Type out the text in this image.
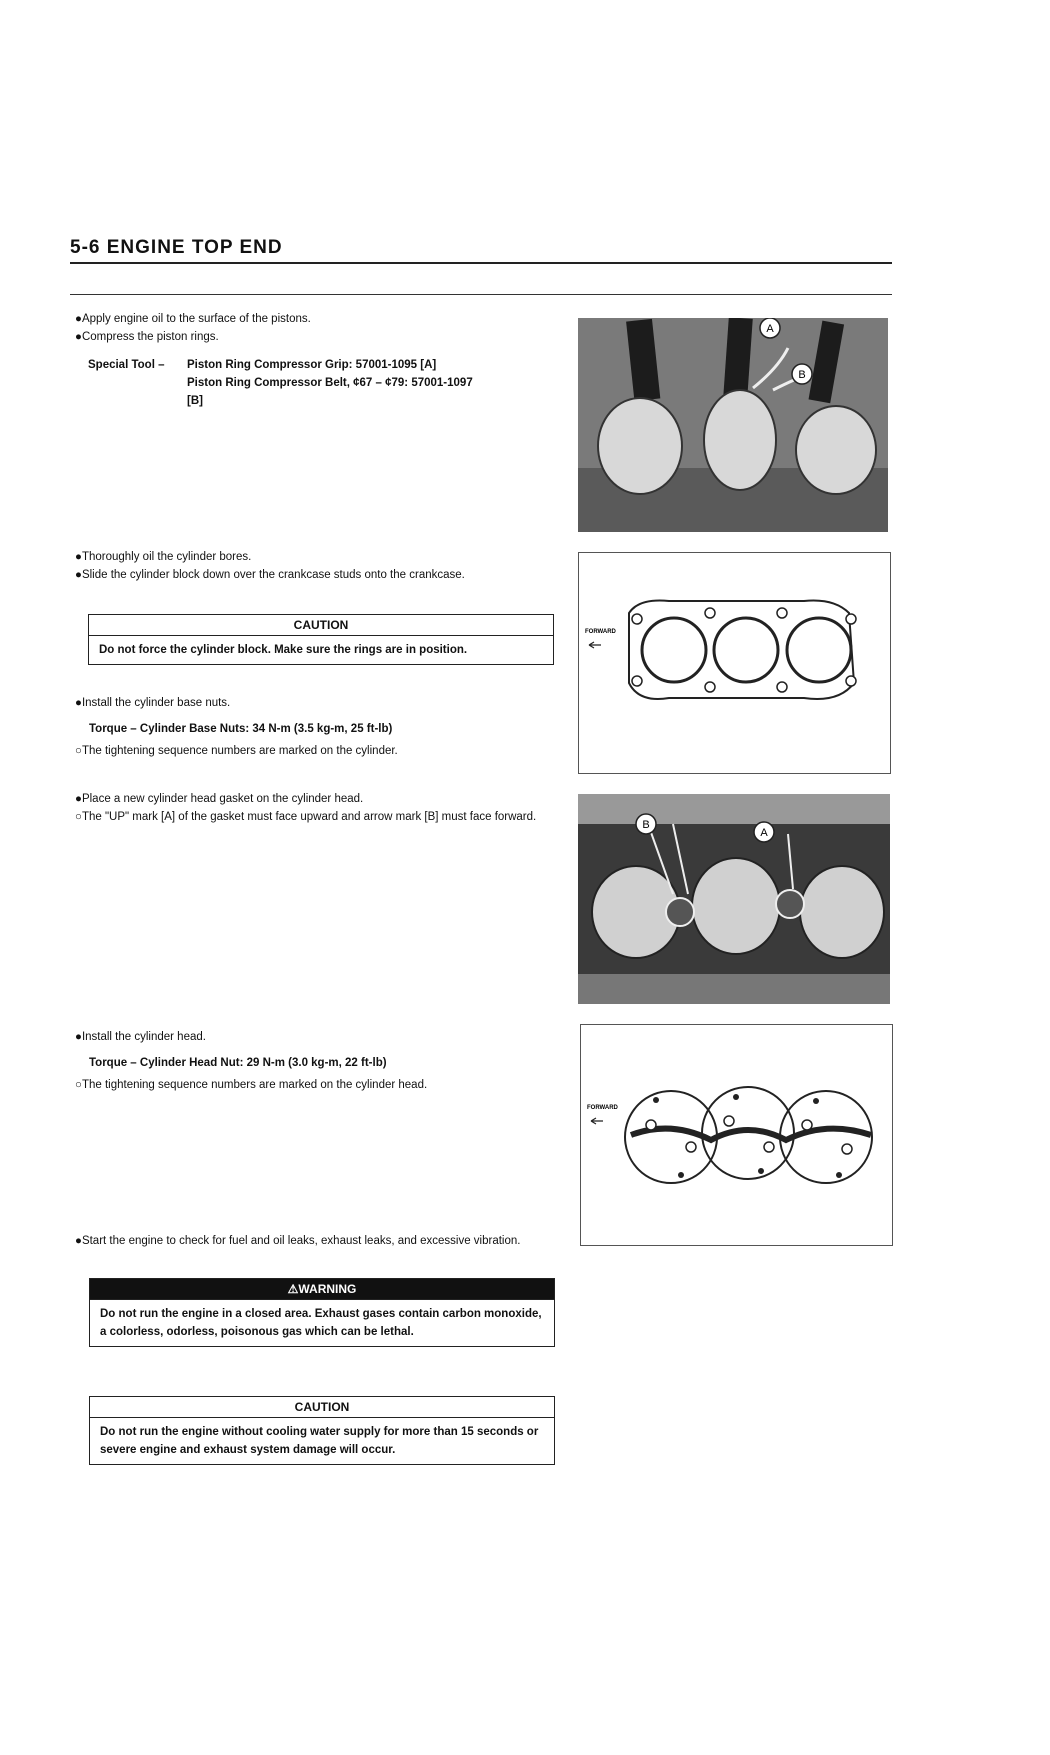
5-6 ENGINE TOP END
●Apply engine oil to the surface of the pistons.
●Compress the piston rings.
Special Tool –	Piston Ring Compressor Grip: 57001-1095 [A]
Piston Ring Compressor Belt, ¢67 – ¢79: 57001-1097
[B]
●Thoroughly oil the cylinder bores.
●Slide the cylinder block down over the crankcase studs onto the crankcase.
CAUTION
Do not force the cylinder block. Make sure the rings are in position.
●Install the cylinder base nuts.
Torque – Cylinder Base Nuts: 34 N-m (3.5 kg-m, 25 ft-lb)
○The tightening sequence numbers are marked on the cylinder.
●Place a new cylinder head gasket on the cylinder head.
○The "UP" mark [A] of the gasket must face upward and arrow mark [B] must face forward.
●Install the cylinder head.
Torque – Cylinder Head Nut: 29 N-m (3.0 kg-m, 22 ft-lb)
○The tightening sequence numbers are marked on the cylinder head.
●Start the engine to check for fuel and oil leaks, exhaust leaks, and excessive vibration.
⚠WARNING
Do not run the engine in a closed area. Exhaust gases contain carbon monoxide, a colorless, odorless, poisonous gas which can be lethal.
CAUTION
Do not run the engine without cooling water supply for more than 15 seconds or severe engine and exhaust system damage will occur.
A
B
FORWARD
B
A
FORWARD
